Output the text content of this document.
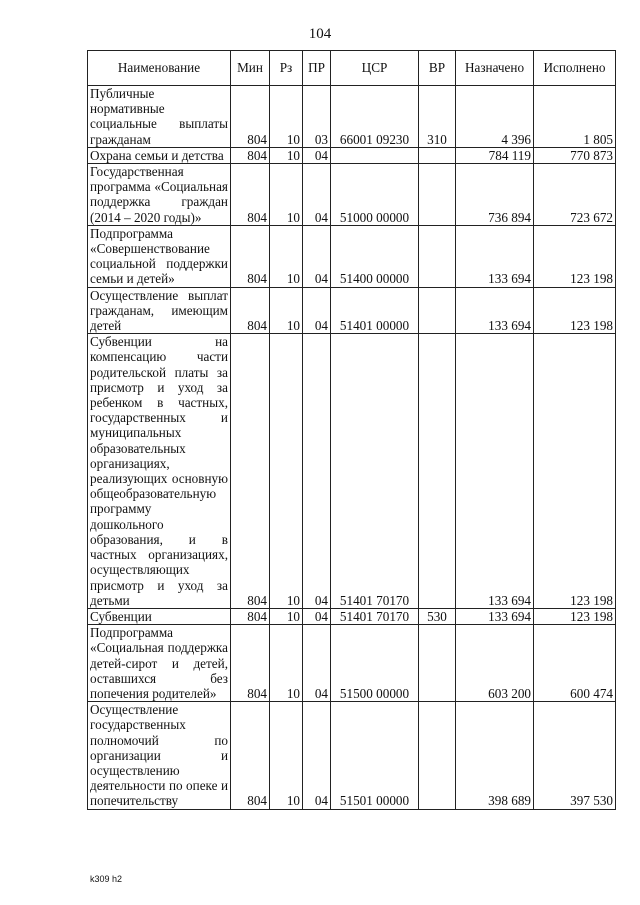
104
Наименование	Мин	Рз	ПР	ЦСР	ВР	Назначено	Исполнено
Публичные нормативные социальные выплаты гражданам	804	10	03	66001 09230	310	4 396	1 805
Охрана семьи и детства	804	10	04			784 119	770 873
Государственная программа «Социальная поддержка граждан (2014 – 2020 годы)»	804	10	04	51000 00000		736 894	723 672
Подпрограмма «Совершенствование социальной поддержки семьи и детей»	804	10	04	51400 00000		133 694	123 198
Осуществление выплат гражданам, имеющим детей	804	10	04	51401 00000		133 694	123 198
Субвенции на компенсацию части родительской платы за присмотр и уход за ребенком в частных, государственных и муниципальных образовательных организациях, реализующих основную общеобразовательную программу дошкольного образования, и в частных организациях, осуществляющих присмотр и уход за детьми	804	10	04	51401 70170		133 694	123 198
Субвенции	804	10	04	51401 70170	530	133 694	123 198
Подпрограмма «Социальная поддержка детей-сирот и детей, оставшихся без попечения родителей»	804	10	04	51500 00000		603 200	600 474
Осуществление государственных полномочий по организации и осуществлению деятельности по опеке и попечительству	804	10	04	51501 00000		398 689	397 530
k309 h2
